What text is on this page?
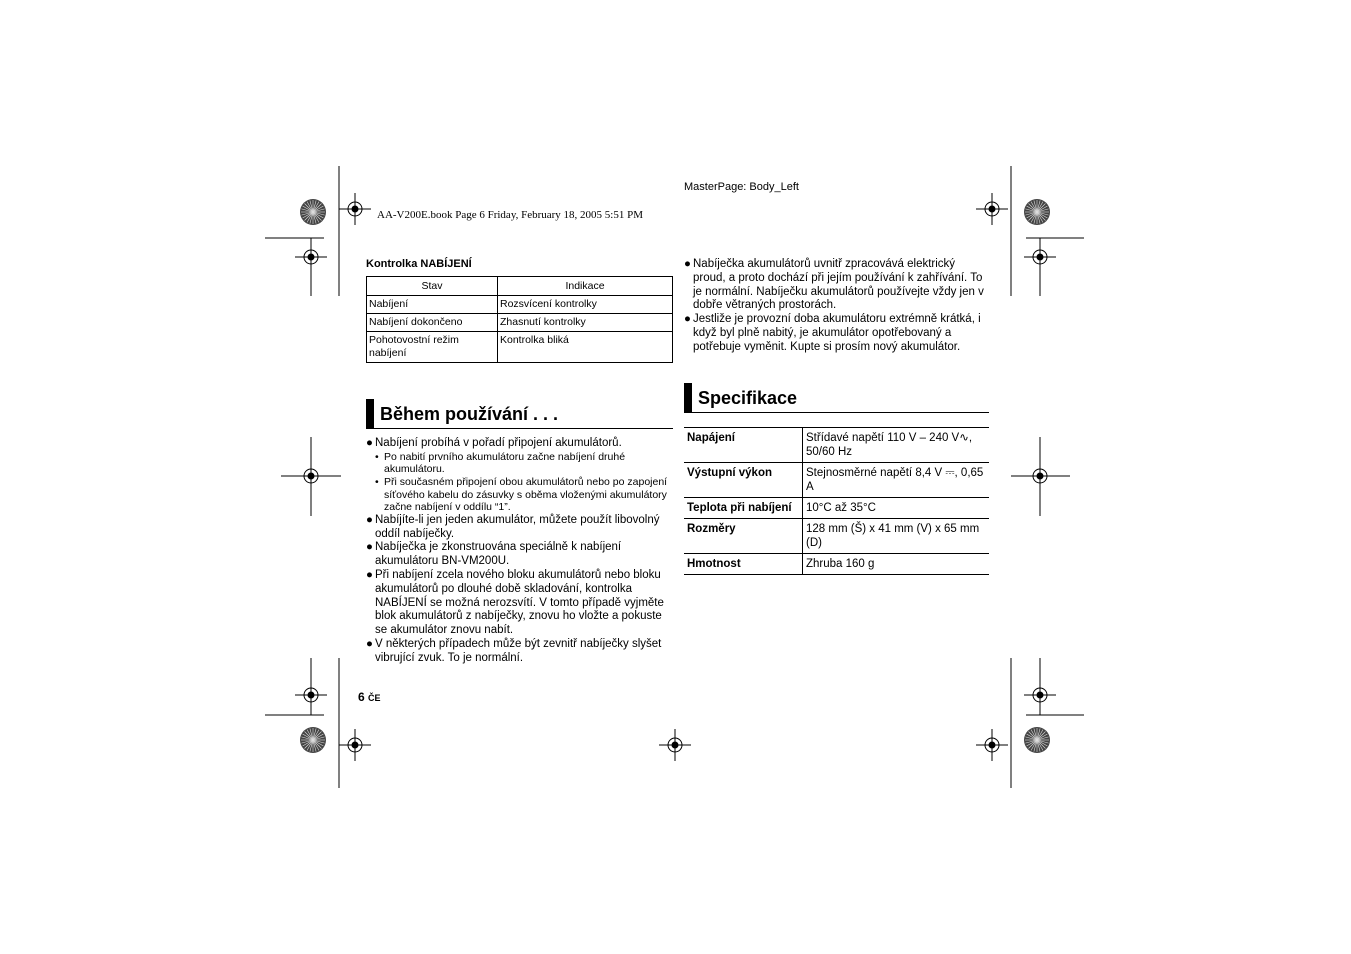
MasterPage: Body_Left
AA-V200E.book Page 6 Friday, February 18, 2005 5:51 PM
Kontrolka NABÍJENÍ
Stav	Indikace
Nabíjení	Rozsvícení kontrolky
Nabíjení dokončeno	Zhasnutí kontrolky
Pohotovostní režim nabíjení	Kontrolka bliká
Během používání . . .
● Nabíjení probíhá v pořadí připojení akumulátorů.
• Po nabití prvního akumulátoru začne nabíjení druhé akumulátoru.
• Při současném připojení obou akumulátorů nebo po zapojení síťového kabelu do zásuvky s oběma vloženými akumulátory začne nabíjení v oddílu “1”.
● Nabíjíte-li jen jeden akumulátor, můžete použít libovolný oddíl nabíječky.
● Nabíječka je zkonstruována speciálně k nabíjení akumulátoru BN-VM200U.
● Při nabíjení zcela nového bloku akumulátorů nebo bloku akumulátorů po dlouhé době skladování, kontrolka NABÍJENÍ se možná nerozsvítí. V tomto případě vyjměte blok akumulátorů z nabíječky, znovu ho vložte a pokuste se akumulátor znovu nabít.
● V některých případech může být zevnitř nabíječky slyšet vibrující zvuk. To je normální.
● Nabíječka akumulátorů uvnitř zpracovává elektrický proud, a proto dochází při jejím používání k zahřívání. To je normální. Nabíječku akumulátorů používejte vždy jen v dobře větraných prostorách.
● Jestliže je provozní doba akumulátoru extrémně krátká, i když byl plně nabitý, je akumulátor opotřebovaný a potřebuje vyměnit. Kupte si prosím nový akumulátor.
Specifikace
Napájení	Střídavé napětí 110 V – 240 V∿, 50/60 Hz
Výstupní výkon	Stejnosměrné napětí 8,4 V ⎓, 0,65 A
Teplota při nabíjení	10°C až 35°C
Rozměry	128 mm (Š) x 41 mm (V) x 65 mm (D)
Hmotnost	Zhruba 160 g
6 ČE
